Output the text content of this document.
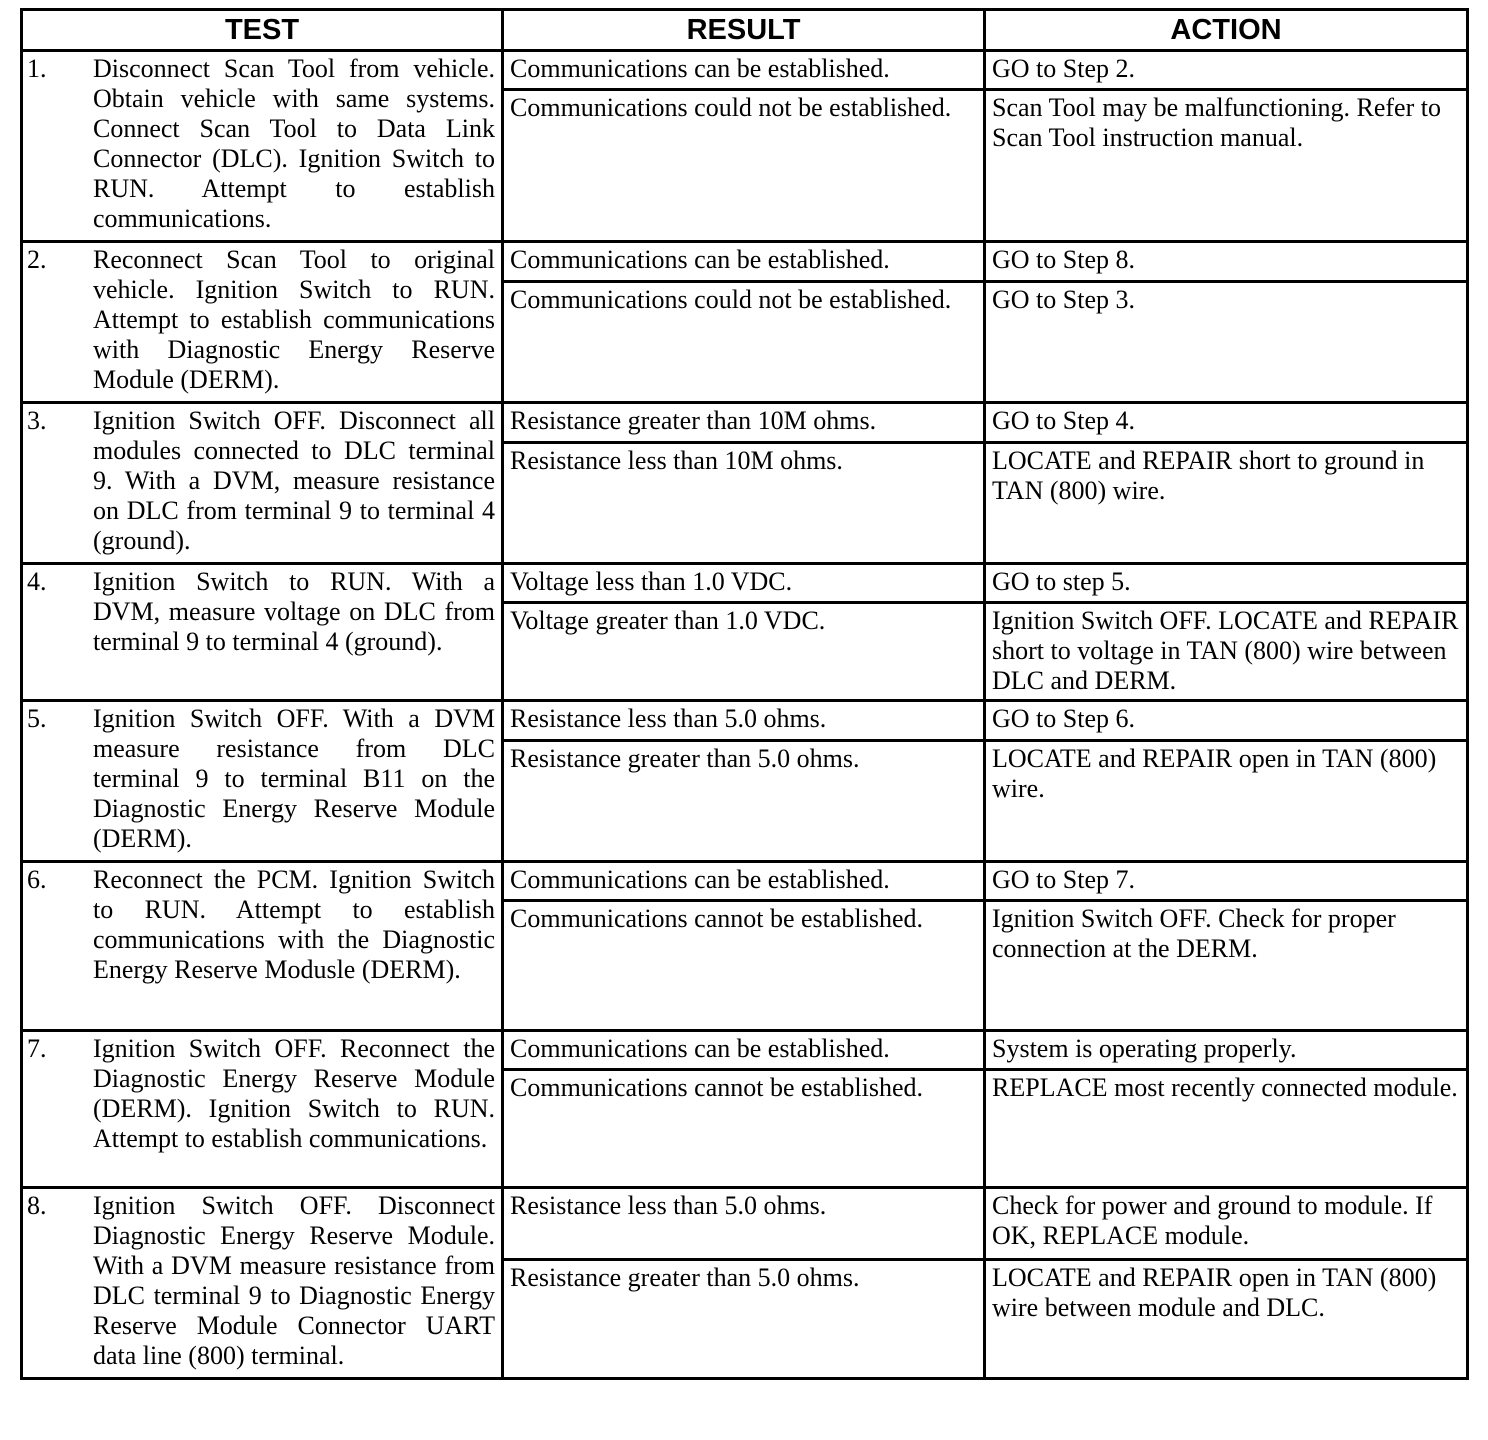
TEST	RESULT	ACTION

1. Disconnect Scan Tool from vehicle. Obtain vehicle with same systems. Connect Scan Tool to Data Link Connector (DLC). Ignition Switch to RUN. Attempt to establish communications.	Communications can be established.	GO to Step 2.
	Communications could not be established.	Scan Tool may be malfunctioning. Refer to Scan Tool instruction manual.

2. Reconnect Scan Tool to original vehicle. Ignition Switch to RUN. Attempt to establish communications with Diagnostic Energy Reserve Module (DERM).	Communications can be established.	GO to Step 8.
	Communications could not be established.	GO to Step 3.

3. Ignition Switch OFF. Disconnect all modules connected to DLC terminal 9. With a DVM, measure resistance on DLC from terminal 9 to terminal 4 (ground).	Resistance greater than 10M ohms.	GO to Step 4.
	Resistance less than 10M ohms.	LOCATE and REPAIR short to ground in TAN (800) wire.

4. Ignition Switch to RUN. With a DVM, measure voltage on DLC from terminal 9 to terminal 4 (ground).	Voltage less than 1.0 VDC.	GO to step 5.
	Voltage greater than 1.0 VDC.	Ignition Switch OFF. LOCATE and REPAIR short to voltage in TAN (800) wire between DLC and DERM.

5. Ignition Switch OFF. With a DVM measure resistance from DLC terminal 9 to terminal B11 on the Diagnostic Energy Reserve Module (DERM).	Resistance less than 5.0 ohms.	GO to Step 6.
	Resistance greater than 5.0 ohms.	LOCATE and REPAIR open in TAN (800) wire.

6. Reconnect the PCM. Ignition Switch to RUN. Attempt to establish communications with the Diagnostic Energy Reserve Modusle (DERM).	Communications can be established.	GO to Step 7.
	Communications cannot be established.	Ignition Switch OFF. Check for proper connection at the DERM.

7. Ignition Switch OFF. Reconnect the Diagnostic Energy Reserve Module (DERM). Ignition Switch to RUN. Attempt to establish communications.	Communications can be established.	System is operating properly.
	Communications cannot be established.	REPLACE most recently connected module.

8. Ignition Switch OFF. Disconnect Diagnostic Energy Reserve Module. With a DVM measure resistance from DLC terminal 9 to Diagnostic Energy Reserve Module Connector UART data line (800) terminal.	Resistance less than 5.0 ohms.	Check for power and ground to module. If OK, REPLACE module.
	Resistance greater than 5.0 ohms.	LOCATE and REPAIR open in TAN (800) wire between module and DLC.
